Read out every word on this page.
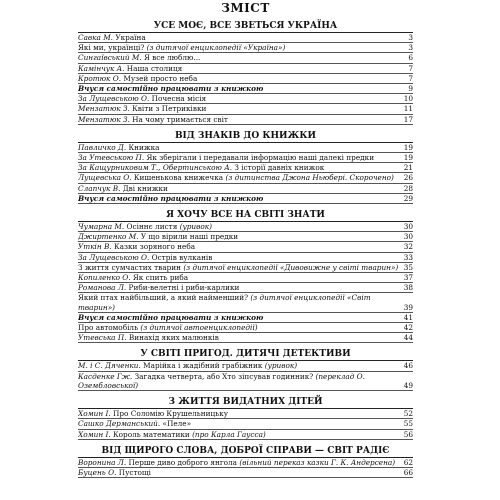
ЗМІСТ
УСЕ МОЄ, ВСЕ ЗВЕТЬСЯ УКРАЇНА
Савка М. Україна	3
Які ми, українці? (з дитячої енциклопедії «Україна»)	3
Сингаївський М. Я все люблю...	6
Камінчук А. Наша столиця	7
Кротюк О. Музей просто неба	7
Вчуся самостійно працювати з книжкою	9
За Лущевською О. Почесна місія	10
Мензатюк З. Квіти з Петриківки	11
Мензатюк З. На чому тримається світ	17
ВІД ЗНАКІВ ДО КНИЖКИ
Павличко Д. Книжка	19
За Утевською П. Як зберігали і передавали інформацію наші далекі предки	19
За Кащурниковим Т., Обертинською А. З історії давніх книжок	21
Лущевська О. Кишенькова книжечка (з дитинства Джона Ньюбері. Скорочено)	26
Слапчук В. Дві книжки	28
Вчуся самостійно працювати з книжкою	29
Я ХОЧУ ВСЕ НА СВІТІ ЗНАТИ
Чумарна М. Осіннє листя (уривок)	30
Джиртенко М. У що вірили наші предки	30
Уткін В. Казки зоряного неба	32
За Лущевською О. Острів вулканів	33
З життя сумчастих тварин (з дитячої енциклопедії «Дивовижне у світі тварин») 35
Копиленко О. Як спить риба	37
Романова Л. Риби-велетні і риби-карлики	38
Який птах найбільший, а який найменший? (з дитячої енциклопедії «Світ тварин»)	39
Вчуся самостійно працювати з книжкою	41
Про автомобіль (з дитячої автоенциклопедії)	42
Утевська П. Винахід яких малюнків	44
У СВІТІ ПРИГОД. ДИТЯЧІ ДЕТЕКТИВИ
М. і С. Дяченки. Марійка і жадібний грабіжник (уривок)	46
Касденке Гж. Загадка четверта, або Хто зіпсував годинник? (переклад О. Озембловської)	49
З ЖИТТЯ ВИДАТНИХ ДІТЕЙ
Хомин І. Про Соломію Крушельницьку	52
Сашко Дерманський. «Пеле»	55
Хомин І. Король математики (про Карла Гаусса)	56
ВІД ЩИРОГО СЛОВА, ДОБРОЇ СПРАВИ — СВІТ РАДІЄ
Воронина Л. Перше диво доброго янгола (вільний переказ казки Г. К. Андерсена)	62
Буцень О. Пустощі	66
